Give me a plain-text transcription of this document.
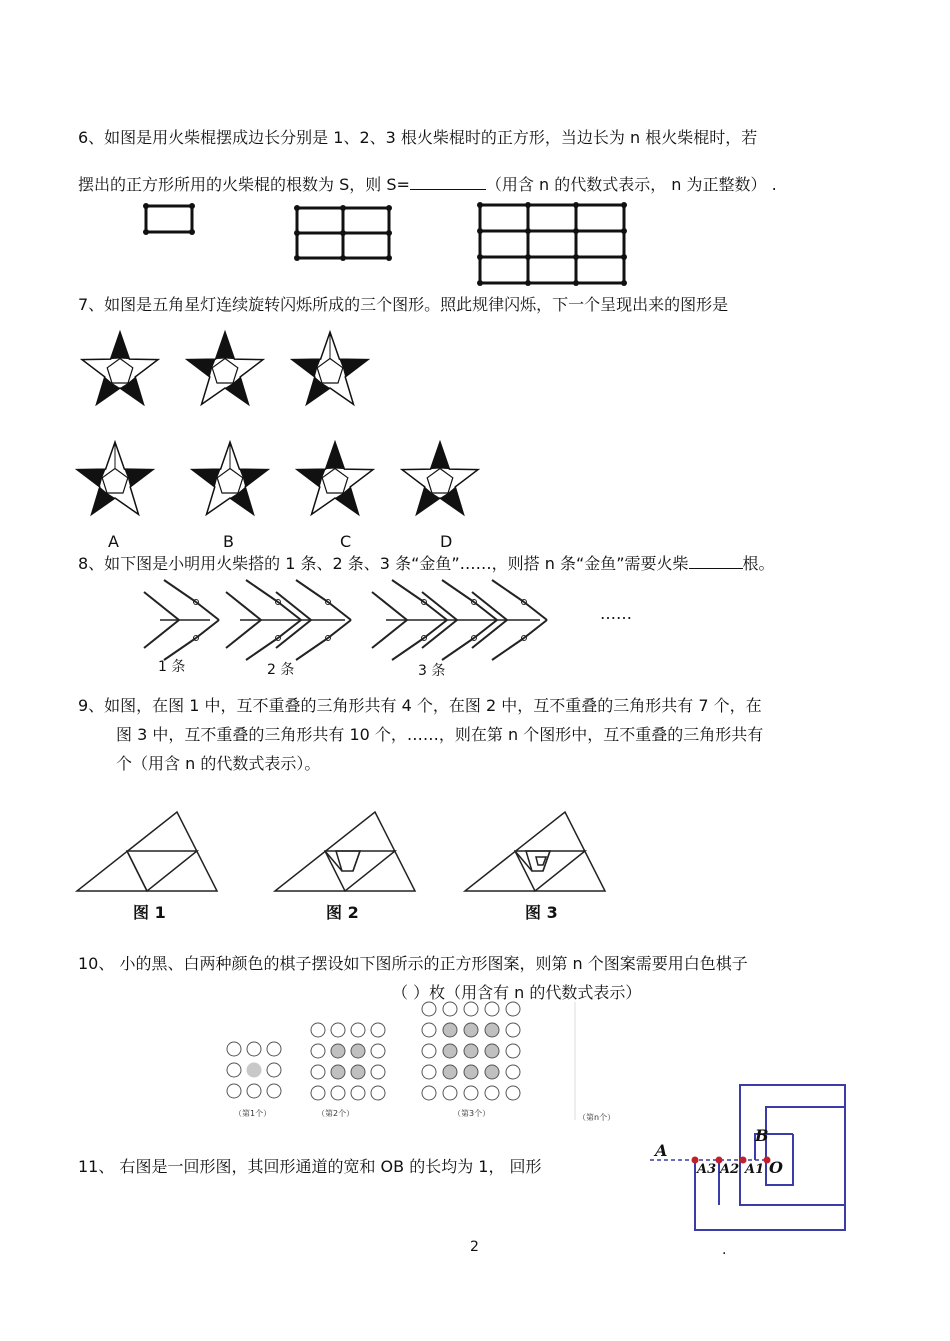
6、如图是用火柴棍摆成边长分别是 1、2、3 根火柴棍时的正方形，当边长为 n 根火柴棍时，若
摆出的正方形所用的火柴棍的根数为 S，则 S=	（用含 n 的代数式表示， n 为正整数） .
7、如图是五角星灯连续旋转闪烁所成的三个图形。照此规律闪烁，下一个呈现出来的图形是
A	B	C	D
8、如下图是小明用火柴搭的 1 条、2 条、3 条“金鱼”……，则搭 n 条“金鱼”需要火柴	根。
……
1 条	2 条	3 条
9、如图，在图 1 中，互不重叠的三角形共有 4 个，在图 2 中，互不重叠的三角形共有 7 个，在
图 3 中，互不重叠的三角形共有 10 个，……，则在第 n 个图形中，互不重叠的三角形共有
个（用含 n 的代数式表示）。
图 1	图 2	图 3
10、 小的黑、白两种颜色的棋子摆设如下图所示的正方形图案，则第 n 个图案需要用白色棋子
（ ）枚（用含有 n 的代数式表示）
（第1个）	（第2个）	（第3个）	（第n个）
11、 右图是一回形图，其回形通道的宽和 OB 的长均为 1， 回形
A
B
A3 A2 A1 O
2	.
